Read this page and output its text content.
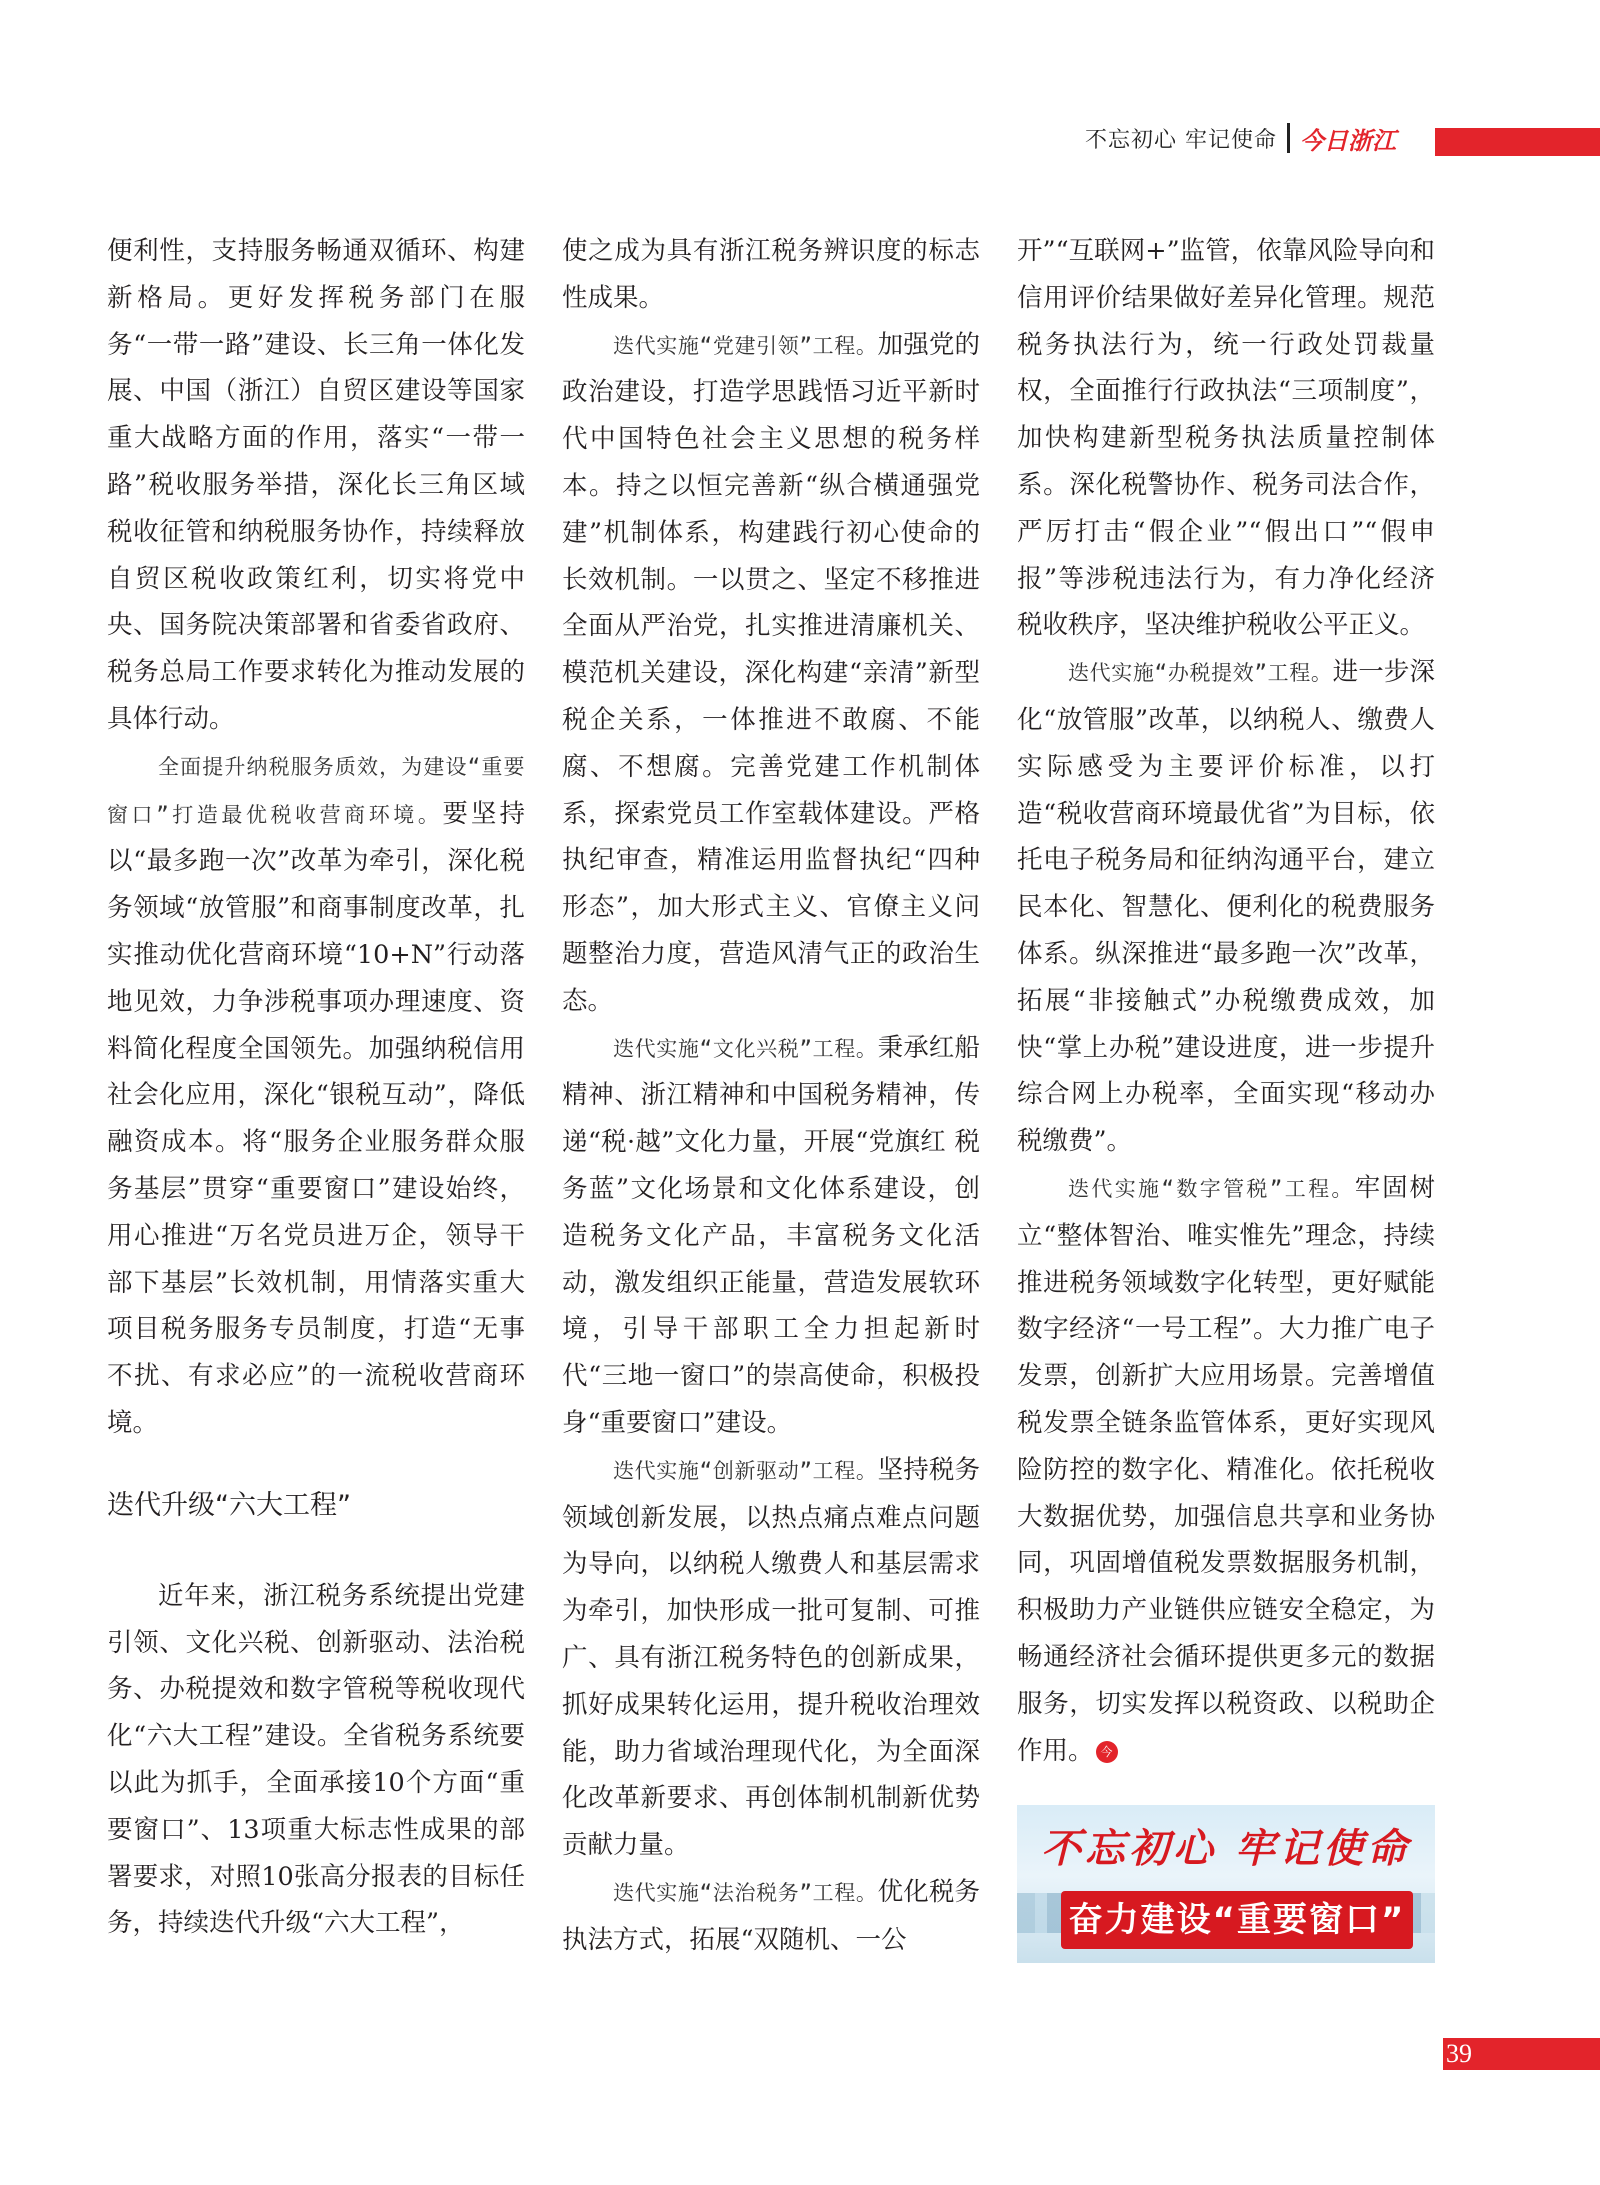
不忘初心 牢记使命 今日浙江

便利性，支持服务畅通双循环、构建新格局。更好发挥税务部门在服务“一带一路”建设、长三角一体化发展、中国（浙江）自贸区建设等国家重大战略方面的作用，落实“一带一路”税收服务举措，深化长三角区域税收征管和纳税服务协作，持续释放自贸区税收政策红利，切实将党中央、国务院决策部署和省委省政府、税务总局工作要求转化为推动发展的具体行动。

全面提升纳税服务质效，为建设“重要窗口”打造最优税收营商环境。要坚持以“最多跑一次”改革为牵引，深化税务领域“放管服”和商事制度改革，扎实推动优化营商环境“10+N”行动落地见效，力争涉税事项办理速度、资料简化程度全国领先。加强纳税信用社会化应用，深化“银税互动”，降低融资成本。将“服务企业服务群众服务基层”贯穿“重要窗口”建设始终，用心推进“万名党员进万企，领导干部下基层”长效机制，用情落实重大项目税务服务专员制度，打造“无事不扰、有求必应”的一流税收营商环境。

迭代升级“六大工程”

近年来，浙江税务系统提出党建引领、文化兴税、创新驱动、法治税务、办税提效和数字管税等税收现代化“六大工程”建设。全省税务系统要以此为抓手，全面承接10个方面“重要窗口”、13项重大标志性成果的部署要求，对照10张高分报表的目标任务，持续迭代升级“六大工程”，

使之成为具有浙江税务辨识度的标志性成果。

迭代实施“党建引领”工程。加强党的政治建设，打造学思践悟习近平新时代中国特色社会主义思想的税务样本。持之以恒完善新“纵合横通强党建”机制体系，构建践行初心使命的长效机制。一以贯之、坚定不移推进全面从严治党，扎实推进清廉机关、模范机关建设，深化构建“亲清”新型税企关系，一体推进不敢腐、不能腐、不想腐。完善党建工作机制体系，探索党员工作室载体建设。严格执纪审查，精准运用监督执纪“四种形态”，加大形式主义、官僚主义问题整治力度，营造风清气正的政治生态。

迭代实施“文化兴税”工程。秉承红船精神、浙江精神和中国税务精神，传递“税·越”文化力量，开展“党旗红 税务蓝”文化场景和文化体系建设，创造税务文化产品，丰富税务文化活动，激发组织正能量，营造发展软环境，引导干部职工全力担起新时代“三地一窗口”的崇高使命，积极投身“重要窗口”建设。

迭代实施“创新驱动”工程。坚持税务领域创新发展，以热点痛点难点问题为导向，以纳税人缴费人和基层需求为牵引，加快形成一批可复制、可推广、具有浙江税务特色的创新成果，抓好成果转化运用，提升税收治理效能，助力省域治理现代化，为全面深化改革新要求、再创体制机制新优势贡献力量。

迭代实施“法治税务”工程。优化税务执法方式，拓展“双随机、一公

开”“互联网+”监管，依靠风险导向和信用评价结果做好差异化管理。规范税务执法行为，统一行政处罚裁量权，全面推行行政执法“三项制度”，加快构建新型税务执法质量控制体系。深化税警协作、税务司法合作，严厉打击“假企业”“假出口”“假申报”等涉税违法行为，有力净化经济税收秩序，坚决维护税收公平正义。

迭代实施“办税提效”工程。进一步深化“放管服”改革，以纳税人、缴费人实际感受为主要评价标准，以打造“税收营商环境最优省”为目标，依托电子税务局和征纳沟通平台，建立民本化、智慧化、便利化的税费服务体系。纵深推进“最多跑一次”改革，拓展“非接触式”办税缴费成效，加快“掌上办税”建设进度，进一步提升综合网上办税率，全面实现“移动办税缴费”。

迭代实施“数字管税”工程。牢固树立“整体智治、唯实惟先”理念，持续推进税务领域数字化转型，更好赋能数字经济“一号工程”。大力推广电子发票，创新扩大应用场景。完善增值税发票全链条监管体系，更好实现风险防控的数字化、精准化。依托税收大数据优势，加强信息共享和业务协同，巩固增值税发票数据服务机制，积极助力产业链供应链安全稳定，为畅通经济社会循环提供更多元的数据服务，切实发挥以税资政、以税助企作用。 今

不忘初心 牢记使命
奋力建设“重要窗口”
39
